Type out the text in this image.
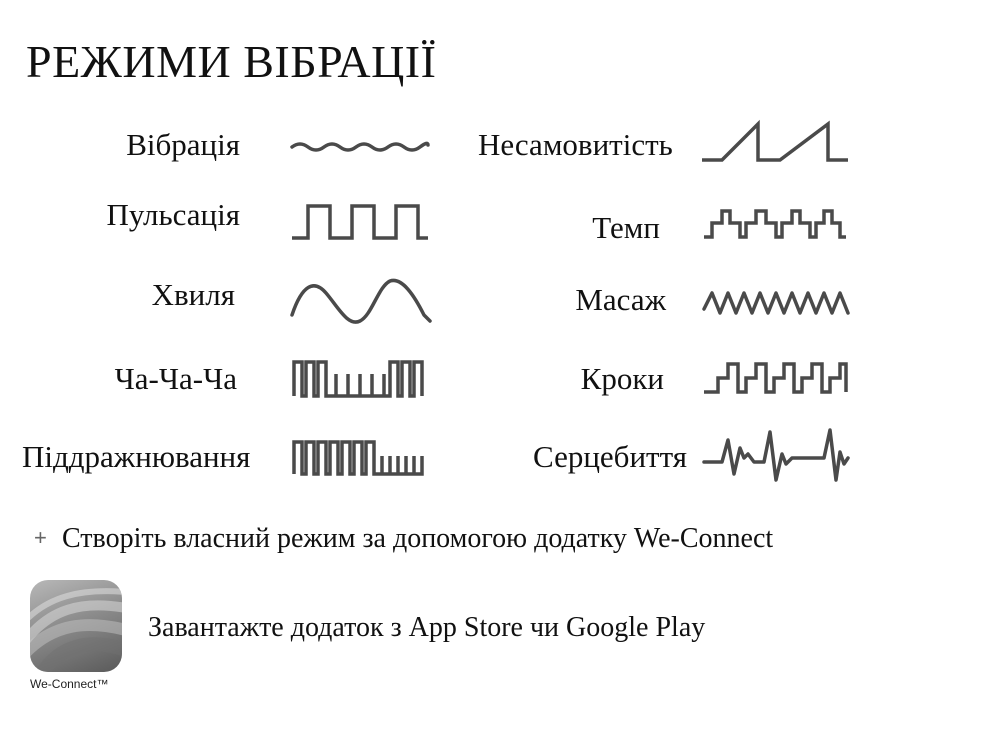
РЕЖИМИ ВІБРАЦІЇ
Вібрація
Пульсація
Хвиля
Ча-Ча-Ча
Піддражнювання
Несамовитість
Темп
Масаж
Кроки
Серцебиття
+ Створіть власний режим за допомогою додатку We-Connect
We-Connect™
Завантажте додаток з App Store чи Google Play
